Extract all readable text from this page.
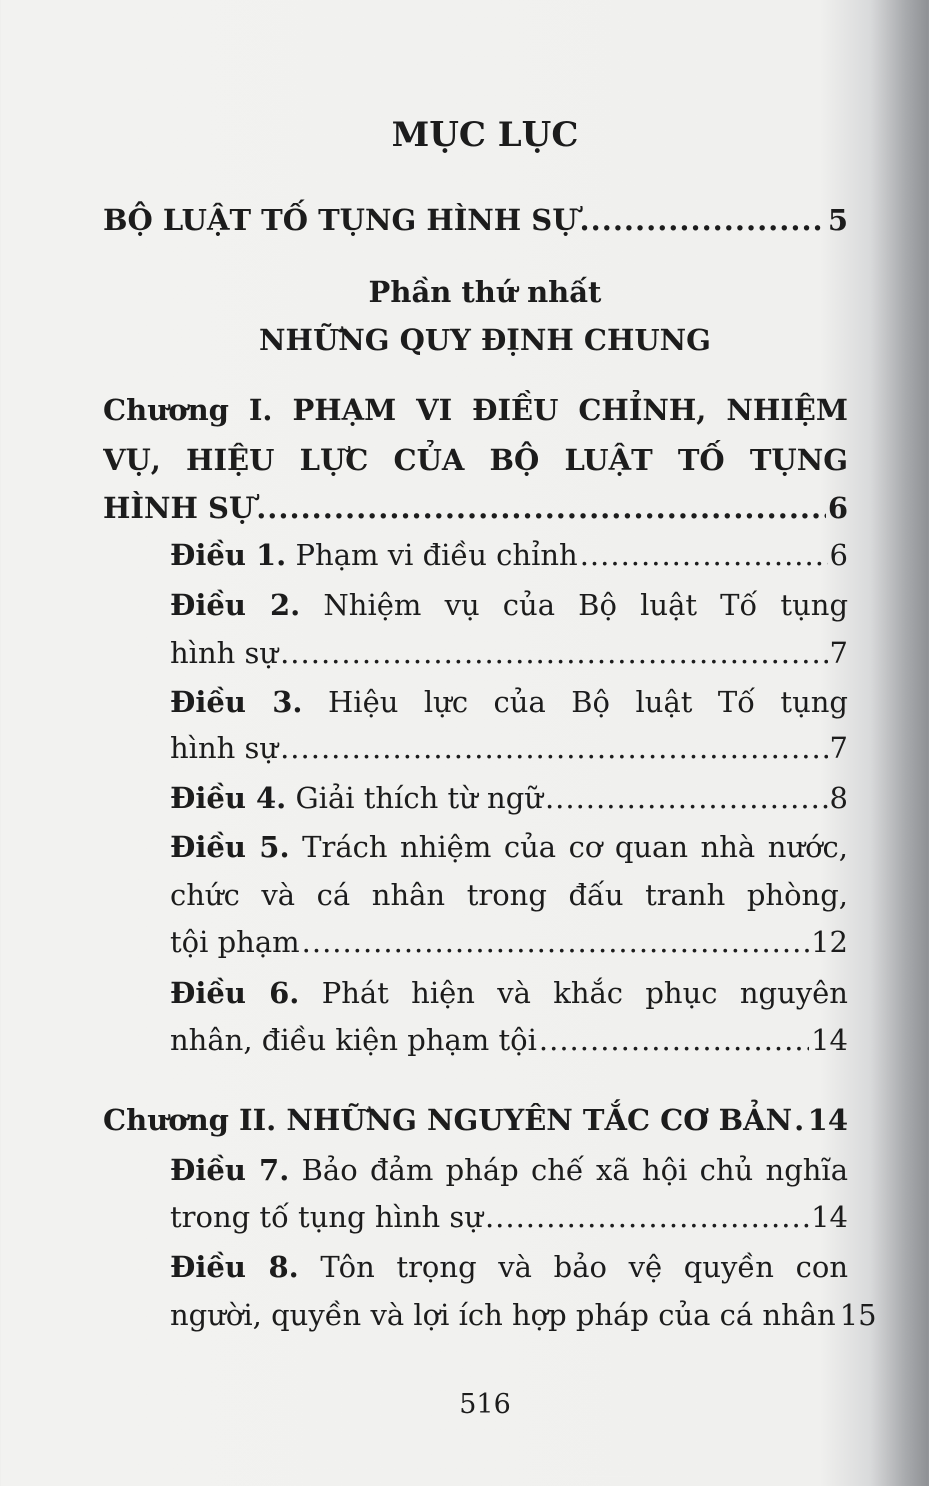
MỤC LỤC
BỘ LUẬT TỐ TỤNG HÌNH SỰ .....	5
Phần thứ nhất
NHỮNG QUY ĐỊNH CHUNG
Chương I. PHẠM VI ĐIỀU CHỈNH, NHIỆM
VỤ, HIỆU LỰC CỦA BỘ LUẬT TỐ TỤNG
HÌNH SỰ .....	6
Điều 1. Phạm vi điều chỉnh .....	6
Điều 2. Nhiệm vụ của Bộ luật Tố tụng
hình sự .....	7
Điều 3. Hiệu lực của Bộ luật Tố tụng
hình sự .....	7
Điều 4. Giải thích từ ngữ .....	8
Điều 5. Trách nhiệm của cơ quan nhà nước,
chức và cá nhân trong đấu tranh phòng,
tội phạm .....	12
Điều 6. Phát hiện và khắc phục nguyên
nhân, điều kiện phạm tội .....	14
Chương II. NHỮNG NGUYÊN TẮC CƠ BẢN ..... 14
Điều 7. Bảo đảm pháp chế xã hội chủ nghĩa
trong tố tụng hình sự .....	14
Điều 8. Tôn trọng và bảo vệ quyền con
người, quyền và lợi ích hợp pháp của cá nhân 15
516
